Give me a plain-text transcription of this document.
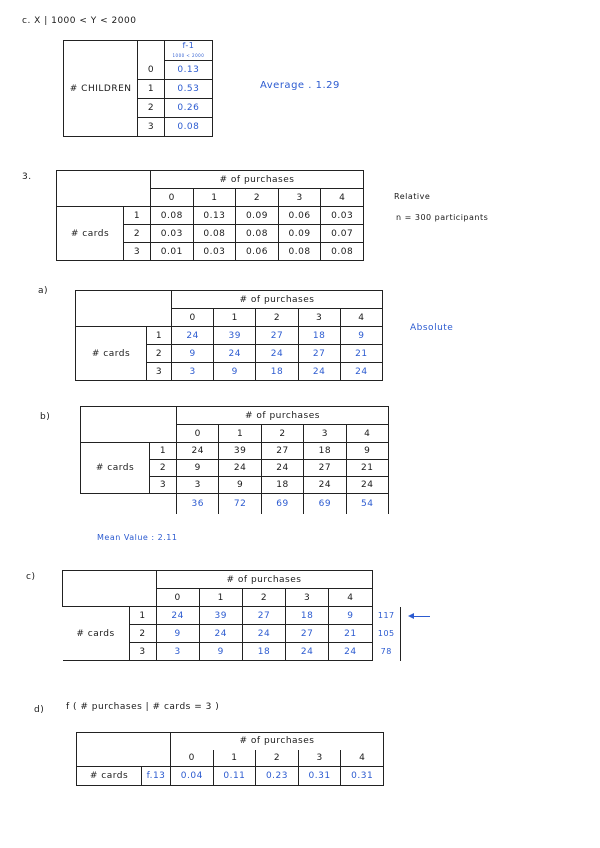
c. X | 1000 < Y < 2000
# CHILDREN		f-1
1000 < 2000
	0	0.13
	1	0.53
	2	0.26
	3	0.08
Average . 1.29
3.
		# of purchases				
		0	1	2	3	4
# cards	1	0.08	0.13	0.09	0.06	0.03
	2	0.03	0.08	0.08	0.09	0.07
	3	0.01	0.03	0.06	0.08	0.08
Relative
n = 300 participants
a)
		# of purchases				
		0	1	2	3	4
# cards	1	24	39	27	18	9
	2	9	24	24	27	21
	3	3	9	18	24	24
Absolute
b)
		# of purchases				
		0	1	2	3	4
# cards	1	24	39	27	18	9
	2	9	24	24	27	21
	3	3	9	18	24	24
		36	72	69	69	54
Mean Value : 2.11
c)
		# of purchases					
		0	1	2	3	4	
# cards	1	24	39	27	18	9	117
	2	9	24	24	27	21	105
	3	3	9	18	24	24	78
d) f ( # purchases | # cards = 3 )
		# of purchases				
		0	1	2	3	4
# cards	f.13	0.04	0.11	0.23	0.31	0.31
